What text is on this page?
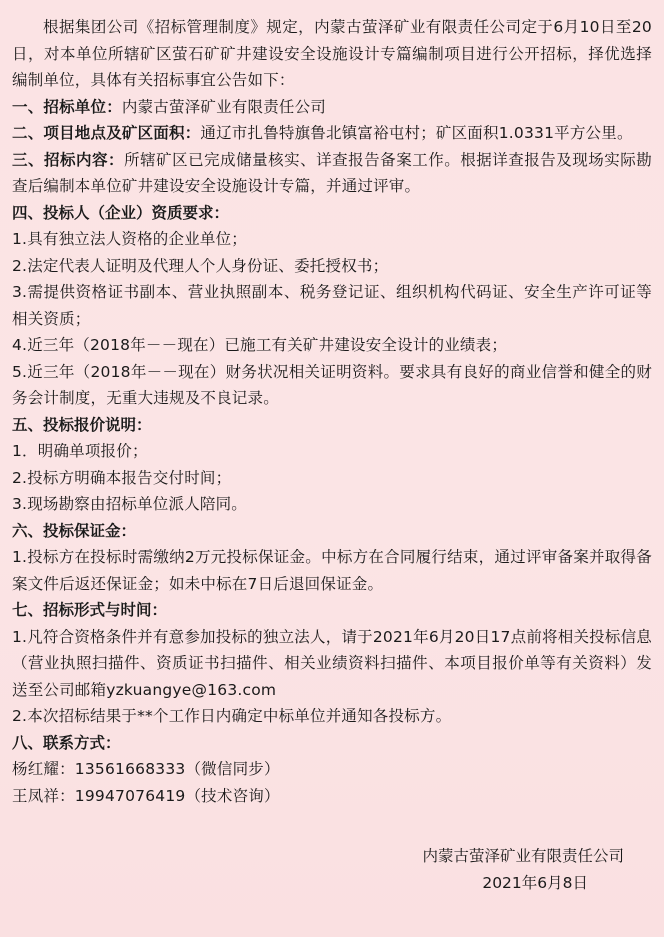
根据集团公司《招标管理制度》规定，内蒙古萤泽矿业有限责任公司定于6月10日至20日，对本单位所辖矿区萤石矿矿井建设安全设施设计专篇编制项目进行公开招标，择优选择编制单位，具体有关招标事宜公告如下：

一、招标单位：内蒙古萤泽矿业有限责任公司

二、项目地点及矿区面积：通辽市扎鲁特旗鲁北镇富裕屯村；矿区面积1.0331平方公里。

三、招标内容：所辖矿区已完成储量核实、详查报告备案工作。根据详查报告及现场实际勘查后编制本单位矿井建设安全设施设计专篇，并通过评审。

四、投标人（企业）资质要求：

1.具有独立法人资格的企业单位；

2.法定代表人证明及代理人个人身份证、委托授权书；

3.需提供资格证书副本、营业执照副本、税务登记证、组织机构代码证、安全生产许可证等相关资质；

4.近三年（2018年－－现在）已施工有关矿井建设安全设计的业绩表；

5.近三年（2018年－－现在）财务状况相关证明资料。要求具有良好的商业信誉和健全的财务会计制度，无重大违规及不良记录。

五、投标报价说明：

1．明确单项报价；

2.投标方明确本报告交付时间；

3.现场勘察由招标单位派人陪同。

六、投标保证金：

1.投标方在投标时需缴纳2万元投标保证金。中标方在合同履行结束，通过评审备案并取得备案文件后返还保证金；如未中标在7日后退回保证金。

七、招标形式与时间：

1.凡符合资格条件并有意参加投标的独立法人，请于2021年6月20日17点前将相关投标信息（营业执照扫描件、资质证书扫描件、相关业绩资料扫描件、本项目报价单等有关资料）发送至公司邮箱yzkuangye@163.com

2.本次招标结果于**个工作日内确定中标单位并通知各投标方。

八、联系方式：

杨红耀：13561668333（微信同步）

王凤祥：19947076419（技术咨询）

内蒙古萤泽矿业有限责任公司
2021年6月8日
